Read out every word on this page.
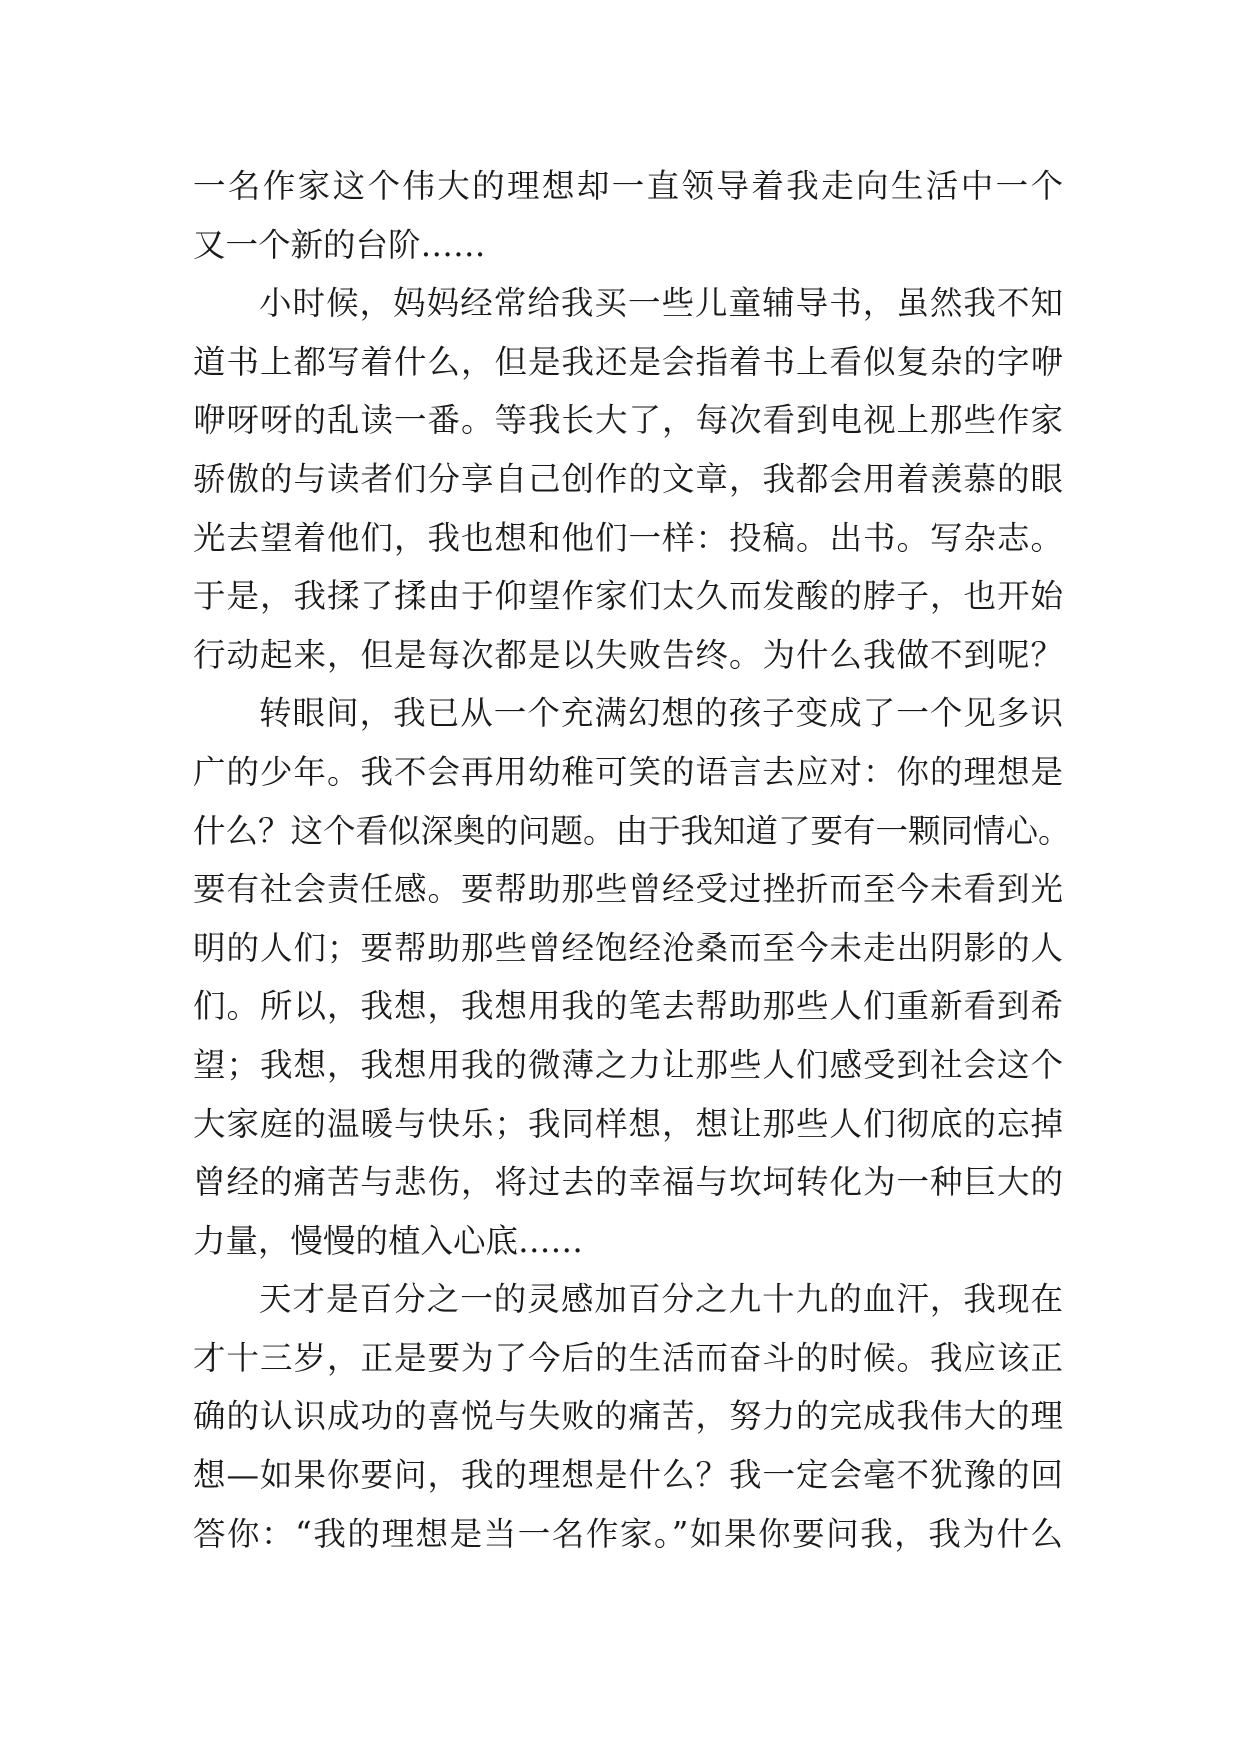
一名作家这个伟大的理想却一直领导着我走向生活中一个
又一个新的台阶……
小时候，妈妈经常给我买一些儿童辅导书，虽然我不知
道书上都写着什么，但是我还是会指着书上看似复杂的字咿
咿呀呀的乱读一番。等我长大了，每次看到电视上那些作家
骄傲的与读者们分享自己创作的文章，我都会用着羡慕的眼
光去望着他们，我也想和他们一样：投稿。出书。写杂志。
于是，我揉了揉由于仰望作家们太久而发酸的脖子，也开始
行动起来，但是每次都是以失败告终。为什么我做不到呢？
转眼间，我已从一个充满幻想的孩子变成了一个见多识
广的少年。我不会再用幼稚可笑的语言去应对：你的理想是
什么？这个看似深奥的问题。由于我知道了要有一颗同情心。
要有社会责任感。要帮助那些曾经受过挫折而至今未看到光
明的人们；要帮助那些曾经饱经沧桑而至今未走出阴影的人
们。所以，我想，我想用我的笔去帮助那些人们重新看到希
望；我想，我想用我的微薄之力让那些人们感受到社会这个
大家庭的温暖与快乐；我同样想，想让那些人们彻底的忘掉
曾经的痛苦与悲伤，将过去的幸福与坎坷转化为一种巨大的
力量，慢慢的植入心底……
天才是百分之一的灵感加百分之九十九的血汗，我现在
才十三岁，正是要为了今后的生活而奋斗的时候。我应该正
确的认识成功的喜悦与失败的痛苦，努力的完成我伟大的理
想—如果你要问，我的理想是什么？我一定会毫不犹豫的回
答你：“我的理想是当一名作家。”如果你要问我，我为什么
